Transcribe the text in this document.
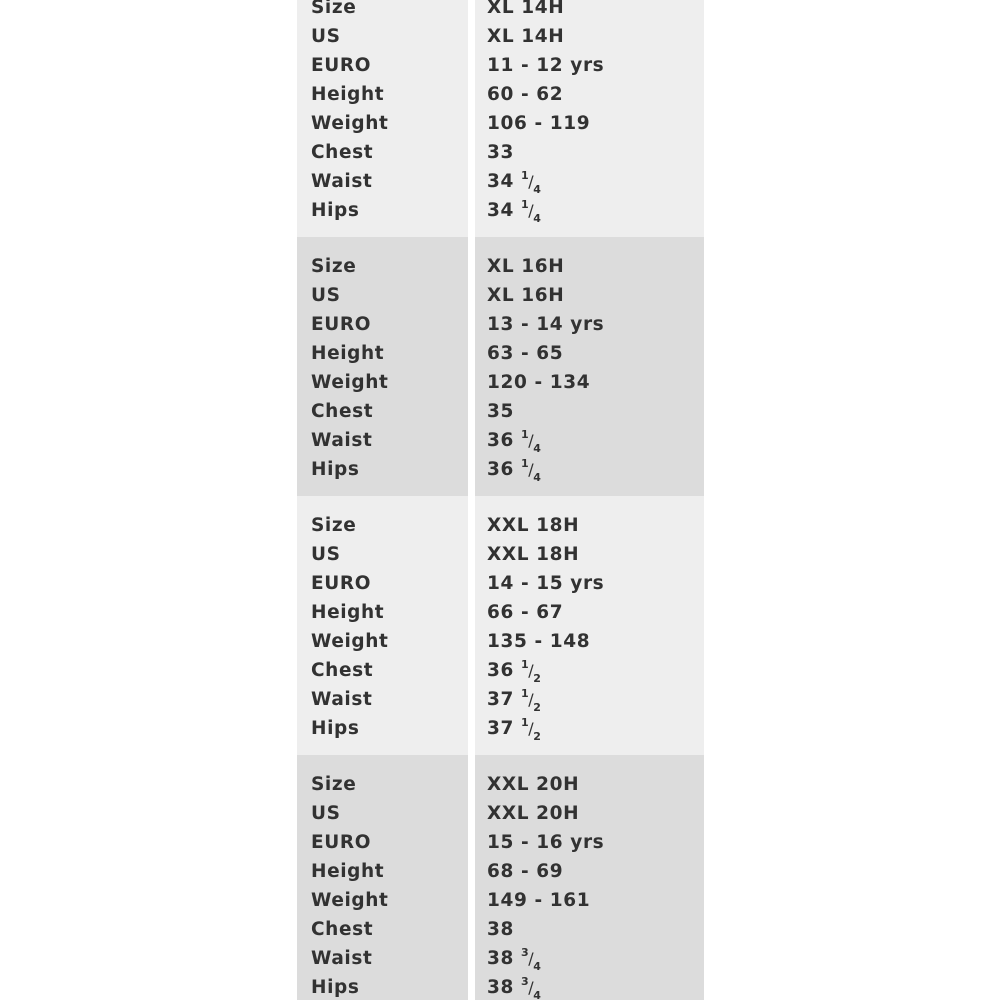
Size
US
EURO
Height
Weight
Chest
Waist
Hips
XL 14H
XL 14H
11 - 12 yrs
60 - 62
106 - 119
33
34 $^1/_4$
34 $^1/_4$
Size
US
EURO
Height
Weight
Chest
Waist
Hips
XL 16H
XL 16H
13 - 14 yrs
63 - 65
120 - 134
35
36 $^1/_4$
36 $^1/_4$
Size
US
EURO
Height
Weight
Chest
Waist
Hips
XXL 18H
XXL 18H
14 - 15 yrs
66 - 67
135 - 148
36 $^1/_2$
37 $^1/_2$
37 $^1/_2$
Size
US
EURO
Height
Weight
Chest
Waist
Hips
XXL 20H
XXL 20H
15 - 16 yrs
68 - 69
149 - 161
38
38 $^3/_4$
38 $^3/_4$
